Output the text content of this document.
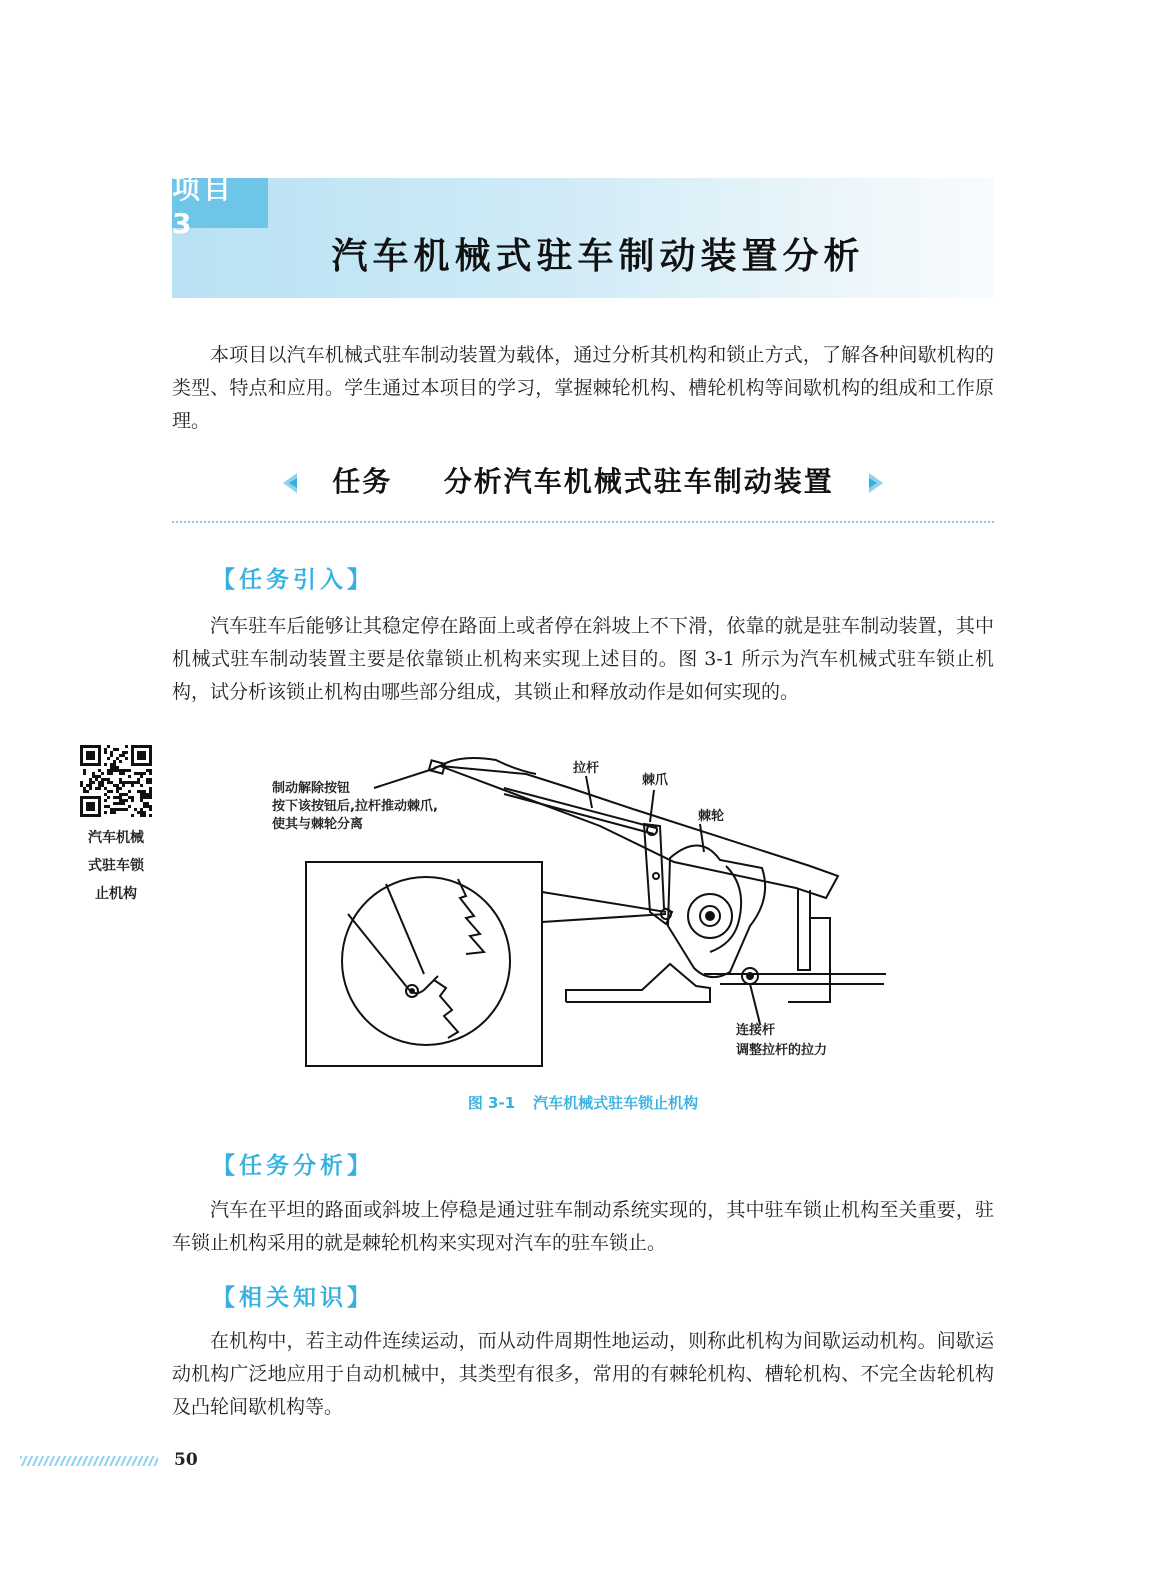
项目 3
汽车机械式驻车制动装置分析

本项目以汽车机械式驻车制动装置为载体，通过分析其机构和锁止方式，了解各种间歇机构的类型、特点和应用。学生通过本项目的学习，掌握棘轮机构、槽轮机构等间歇机构的组成和工作原理。

任务 分析汽车机械式驻车制动装置
【任务引入】

汽车驻车后能够让其稳定停在路面上或者停在斜坡上不下滑，依靠的就是驻车制动装置，其中机械式驻车制动装置主要是依靠锁止机构来实现上述目的。图 3-1 所示为汽车机械式驻车锁止机构，试分析该锁止机构由哪些部分组成，其锁止和释放动作是如何实现的。

汽车机械
式驻车锁
止机构
制动解除按钮
按下该按钮后,拉杆推动棘爪,
使其与棘轮分离
拉杆
棘爪
棘轮
连接杆
调整拉杆的拉力
图 3-1 汽车机械式驻车锁止机构
【任务分析】

汽车在平坦的路面或斜坡上停稳是通过驻车制动系统实现的，其中驻车锁止机构至关重要，驻车锁止机构采用的就是棘轮机构来实现对汽车的驻车锁止。

【相关知识】

在机构中，若主动件连续运动，而从动件周期性地运动，则称此机构为间歇运动机构。间歇运动机构广泛地应用于自动机械中，其类型有很多，常用的有棘轮机构、槽轮机构、不完全齿轮机构及凸轮间歇机构等。

50
